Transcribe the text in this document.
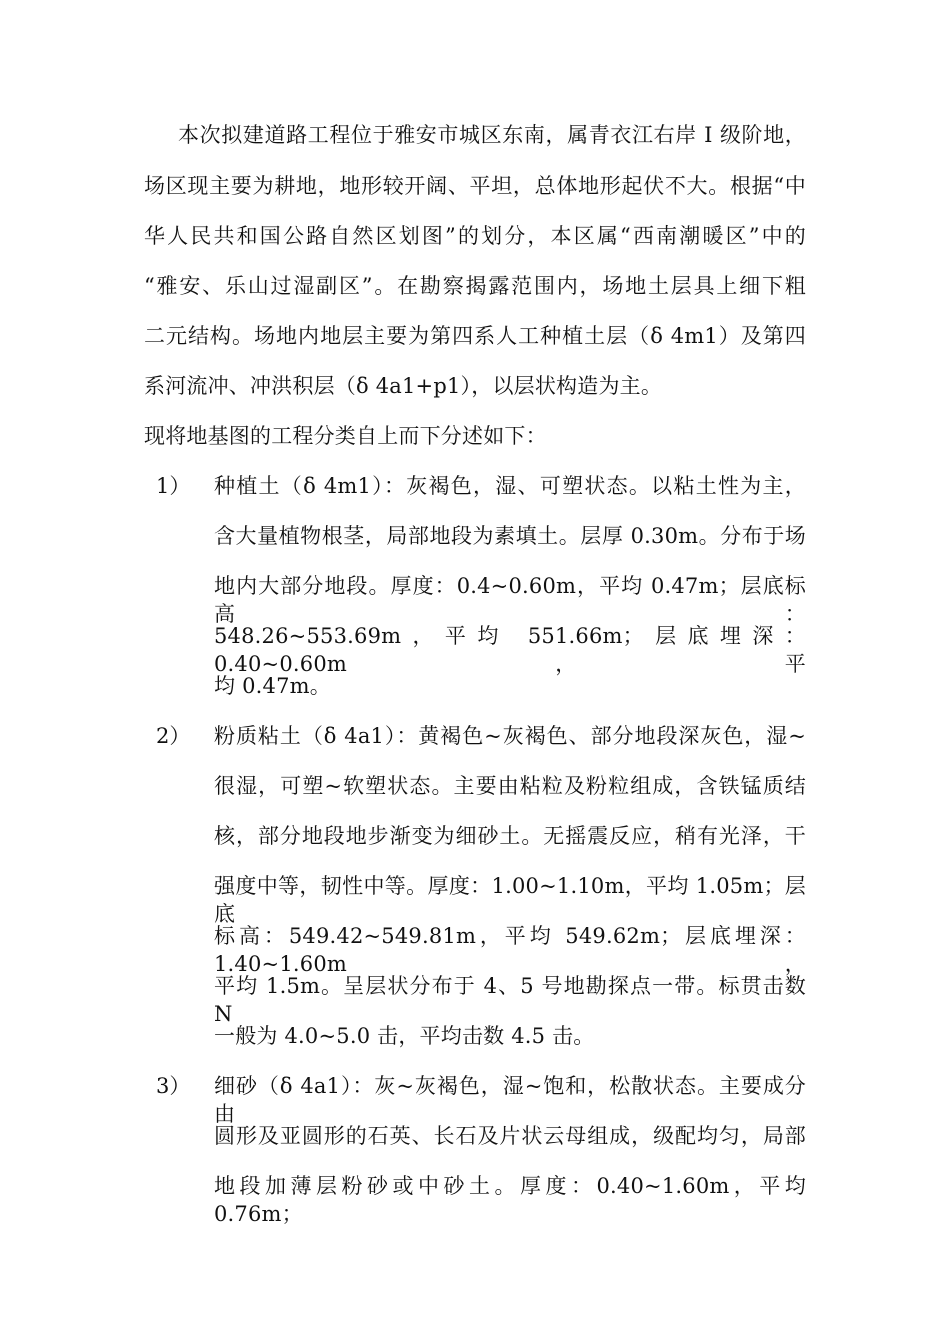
本次拟建道路工程位于雅安市城区东南，属青衣江右岸 I 级阶地，
场区现主要为耕地，地形较开阔、平坦，总体地形起伏不大。根据“中
华人民共和国公路自然区划图”的划分，本区属“西南潮暖区”中的
“雅安、乐山过湿副区”。在勘察揭露范围内，场地土层具上细下粗
二元结构。场地内地层主要为第四系人工种植土层（δ 4m1）及第四
系河流冲、冲洪积层（δ 4a1+p1），以层状构造为主。
现将地基图的工程分类自上而下分述如下：
1） 种植土（δ 4m1）：灰褐色，湿、可塑状态。以粘土性为主，
含大量植物根茎，局部地段为素填土。层厚 0.30m。分布于场
地内大部分地段。厚度：0.4~0.60m，平均 0.47m；层底标高：
548.26~553.69m，平均 551.66m；层底埋深：0.40~0.60m，平
均 0.47m。
2） 粉质粘土（δ 4a1）：黄褐色~灰褐色、部分地段深灰色，湿~
很湿，可塑~软塑状态。主要由粘粒及粉粒组成，含铁锰质结
核，部分地段地步渐变为细砂土。无摇震反应，稍有光泽，干
强度中等，韧性中等。厚度：1.00~1.10m，平均 1.05m；层底
标高：549.42~549.81m，平均 549.62m；层底埋深：1.40~1.60m，
平均 1.5m。呈层状分布于 4、5 号地勘探点一带。标贯击数 N
一般为 4.0~5.0 击，平均击数 4.5 击。
3） 细砂（δ 4a1）：灰~灰褐色，湿~饱和，松散状态。主要成分由
圆形及亚圆形的石英、长石及片状云母组成，级配均匀，局部
地段加薄层粉砂或中砂土。厚度：0.40~1.60m，平均 0.76m；
